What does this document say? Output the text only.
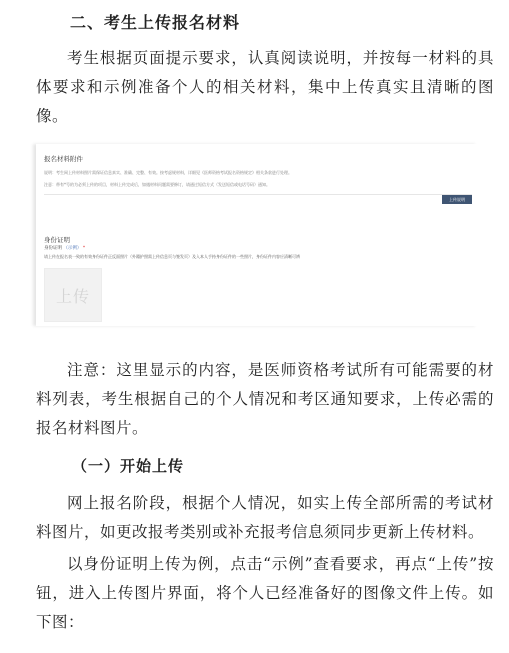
二、考生上传报名材料

考生根据页面提示要求，认真阅读说明，并按每一材料的具体要求和示例准备个人的相关材料，集中上传真实且清晰的图像。

报名材料附件
说明：考生网上传材料照片需保证信息真实、准确、完整、有效。按考虑规材料，详细见《医师资格考试报名资格规定》相关条款进行处理。
注意：带有*号的为必须上传的项目，材料上传完成后，如遇材料问题需要修订，请通过短信方式（发送短信或电话号码）通知。
上传说明
身份证明
身份证明 （示例） *
请上传在报名表一致的有效身份证件正反面照片（外籍护照需上传信息页与签发页）及入本人手持身份证件的一些照片，身份证件内容应清晰可辨
上传

注意：这里显示的内容，是医师资格考试所有可能需要的材料列表，考生根据自己的个人情况和考区通知要求，上传必需的报名材料图片。

（一）开始上传

网上报名阶段，根据个人情况，如实上传全部所需的考试材料图片，如更改报考类别或补充报考信息须同步更新上传材料。

以身份证明上传为例，点击“示例”查看要求，再点“上传”按钮，进入上传图片界面，将个人已经准备好的图像文件上传。如下图：
